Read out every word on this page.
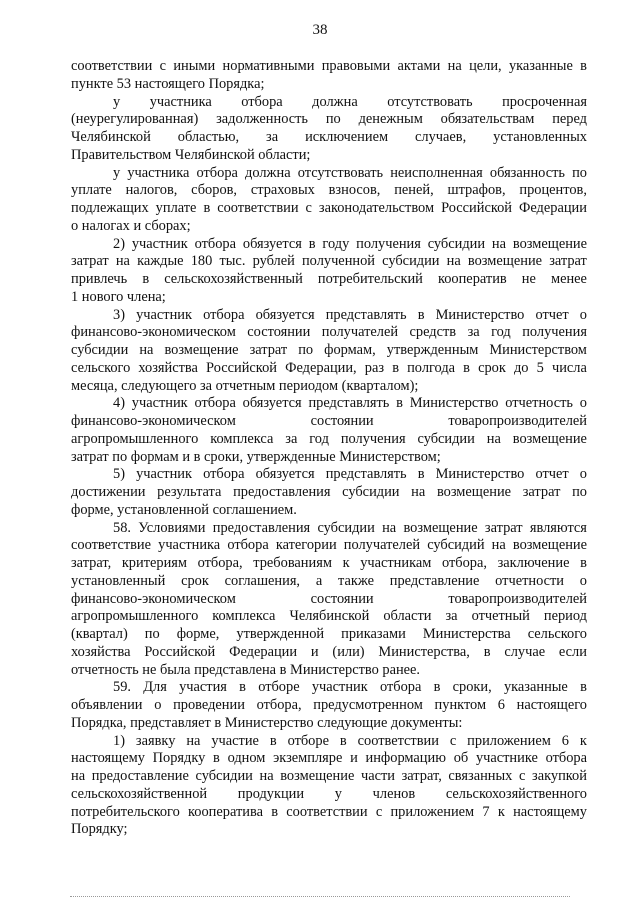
38
соответствии с иными нормативными правовыми актами на цели, указанные в
пункте 53 настоящего Порядка;
у участника отбора должна отсутствовать просроченная
(неурегулированная) задолженность по денежным обязательствам перед
Челябинской областью, за исключением случаев, установленных
Правительством Челябинской области;
у участника отбора должна отсутствовать неисполненная обязанность по
уплате налогов, сборов, страховых взносов, пеней, штрафов, процентов,
подлежащих уплате в соответствии с законодательством Российской Федерации
о налогах и сборах;
2) участник отбора обязуется в году получения субсидии на возмещение
затрат на каждые 180 тыс. рублей полученной субсидии на возмещение затрат
привлечь в сельскохозяйственный потребительский кооператив не менее
1 нового члена;
3) участник отбора обязуется представлять в Министерство отчет о
финансово-экономическом состоянии получателей средств за год получения
субсидии на возмещение затрат по формам, утвержденным Министерством
сельского хозяйства Российской Федерации, раз в полгода в срок до 5 числа
месяца, следующего за отчетным периодом (кварталом);
4) участник отбора обязуется представлять в Министерство отчетность о
финансово-экономическом	состоянии	товаропроизводителей
агропромышленного комплекса за год получения субсидии на возмещение
затрат по формам и в сроки, утвержденные Министерством;
5) участник отбора обязуется представлять в Министерство отчет о
достижении результата предоставления субсидии на возмещение затрат по
форме, установленной соглашением.
58. Условиями предоставления субсидии на возмещение затрат являются
соответствие участника отбора категории получателей субсидий на возмещение
затрат, критериям отбора, требованиям к участникам отбора, заключение в
установленный срок соглашения, а также представление отчетности о
финансово-экономическом	состоянии	товаропроизводителей
агропромышленного комплекса Челябинской области за отчетный период
(квартал) по форме, утвержденной приказами Министерства сельского
хозяйства Российской Федерации и (или) Министерства, в случае если
отчетность не была представлена в Министерство ранее.
59. Для участия в отборе участник отбора в сроки, указанные в
объявлении о проведении отбора, предусмотренном пунктом 6 настоящего
Порядка, представляет в Министерство следующие документы:
1) заявку на участие в отборе в соответствии с приложением 6 к
настоящему Порядку в одном экземпляре и информацию об участнике отбора
на предоставление субсидии на возмещение части затрат, связанных с закупкой
сельскохозяйственной продукции у членов сельскохозяйственного
потребительского кооператива в соответствии с приложением 7 к настоящему
Порядку;
